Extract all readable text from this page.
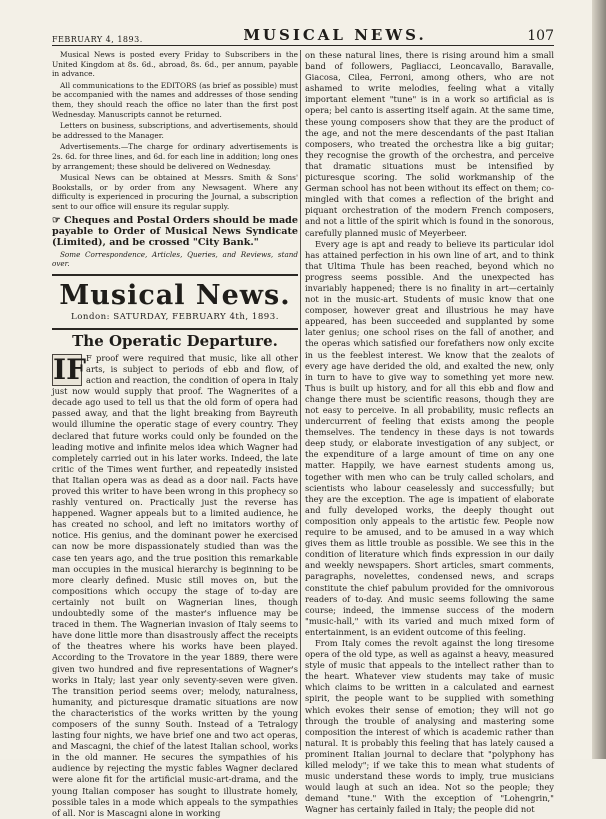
FEBRUARY 4, 1893.	MUSICAL NEWS.	107
Musical News is posted every Friday to Subscribers in the United Kingdom at 8s. 6d., abroad, 8s. 6d., per annum, payable in advance.
All communications to the EDITORS (as brief as possible) must be accompanied with the names and addresses of those sending them, they should reach the office no later than the first post Wednesday. Manuscripts cannot be returned.
Letters on business, subscriptions, and advertisements, should be addressed to the Manager.
Advertisements.—The charge for ordinary advertisements is 2s. 6d. for three lines, and 6d. for each line in addition; long ones by arrangement; these should be delivered on Wednesday.
Musical News can be obtained at Messrs. Smith & Sons' Bookstalls, or by order from any Newsagent. Where any difficulty is experienced in procuring the Journal, a subscription sent to our office will ensure its regular supply.
☞ Cheques and Postal Orders should be made payable to Order of Musical News Syndicate (Limited), and be crossed "City Bank."
Some Correspondence, Articles, Queries, and Reviews, stand over.
Musical News.
London: SATURDAY, FEBRUARY 4th, 1893.
The Operatic Departure.
IF F proof were required that music, like all other arts, is subject to periods of ebb and flow, of action and reaction, the condition of opera in Italy just now would supply that proof. The Wagnerites of a decade ago used to tell us that the old form of opera had passed away, and that the light breaking from Bayreuth would illumine the operatic stage of every country. They declared that future works could only be founded on the leading motive and infinite melos idea which Wagner had completely carried out in his later works. Indeed, the late critic of the Times went further, and repeatedly insisted that Italian opera was as dead as a door nail. Facts have proved this writer to have been wrong in this prophecy so rashly ventured on. Practically just the reverse has happened. Wagner appeals but to a limited audience, he has created no school, and left no imitators worthy of notice. His genius, and the dominant power he exercised can now be more dispassionately studied than was the case ten years ago, and the true position this remarkable man occupies in the musical hierarchy is beginning to be more clearly defined. Music still moves on, but the compositions which occupy the stage of to-day are certainly not built on Wagnerian lines, though undoubtedly some of the master's influence may be traced in them. The Wagnerian invasion of Italy seems to have done little more than disastrously affect the receipts of the theatres where his works have been played. According to the Trovatore in the year 1889, there were given two hundred and five representations of Wagner's works in Italy; last year only seventy-seven were given. The transition period seems over; melody, naturalness, humanity, and picturesque dramatic situations are now the characteristics of the works written by the young composers of the sunny South. Instead of a Tetralogy lasting four nights, we have brief one and two act operas, and Mascagni, the chief of the latest Italian school, works in the old manner. He secures the sympathies of his audience by rejecting the mystic fables Wagner declared were alone fit for the artificial music-art-drama, and the young Italian composer has sought to illustrate homely, possible tales in a mode which appeals to the sympathies of all. Nor is Mascagni alone in working

on these natural lines, there is rising around him a small band of followers, Pagliacci, Leoncavallo, Baravalle, Giacosa, Cilea, Ferroni, among others, who are not ashamed to write melodies, feeling what a vitally important element "tune" is in a work so artificial as is opera; bel canto is asserting itself again. At the same time, these young composers show that they are the product of the age, and not the mere descendants of the past Italian composers, who treated the orchestra like a big guitar; they recognise the growth of the orchestra, and perceive that dramatic situations must be intensified by picturesque scoring. The solid workmanship of the German school has not been without its effect on them; co-mingled with that comes a reflection of the bright and piquant orchestration of the modern French composers, and not a little of the spirit which is found in the sonorous, carefully planned music of Meyerbeer.

Every age is apt and ready to believe its particular idol has attained perfection in his own line of art, and to think that Ultima Thule has been reached, beyond which no progress seems possible. And the unexpected has invariably happened; there is no finality in art—certainly not in the music-art. Students of music know that one composer, however great and illustrious he may have appeared, has been succeeded and supplanted by some later genius; one school rises on the fall of another, and the operas which satisfied our forefathers now only excite in us the feeblest interest. We know that the zealots of every age have derided the old, and exalted the new, only in turn to have to give way to something yet more new. Thus is built up history, and for all this ebb and flow and change there must be scientific reasons, though they are not easy to perceive. In all probability, music reflects an undercurrent of feeling that exists among the people themselves. The tendency in these days is not towards deep study, or elaborate investigation of any subject, or the expenditure of a large amount of time on any one matter. Happily, we have earnest students among us, together with men who can be truly called scholars, and scientists who labour ceaselessly and successfully; but they are the exception. The age is impatient of elaborate and fully developed works, the deeply thought out composition only appeals to the artistic few. People now require to be amused, and to be amused in a way which gives them as little trouble as possible. We see this in the condition of literature which finds expression in our daily and weekly newspapers. Short articles, smart comments, paragraphs, novelettes, condensed news, and scraps constitute the chief pabulum provided for the omnivorous readers of to-day. And music seems following the same course; indeed, the immense success of the modern "music-hall," with its varied and much mixed form of entertainment, is an evident outcome of this feeling.

From Italy comes the revolt against the long tiresome opera of the old type, as well as against a heavy, measured style of music that appeals to the intellect rather than to the heart. Whatever view students may take of music which claims to be written in a calculated and earnest spirit, the people want to be supplied with something which evokes their sense of emotion; they will not go through the trouble of analysing and mastering some composition the interest of which is academic rather than natural. It is probably this feeling that has lately caused a prominent Italian journal to declare that "polyphony has killed melody"; if we take this to mean what students of music understand these words to imply, true musicians would laugh at such an idea. Not so the people; they demand "tune." With the exception of "Lohengrin," Wagner has certainly failed in Italy; the people did not
